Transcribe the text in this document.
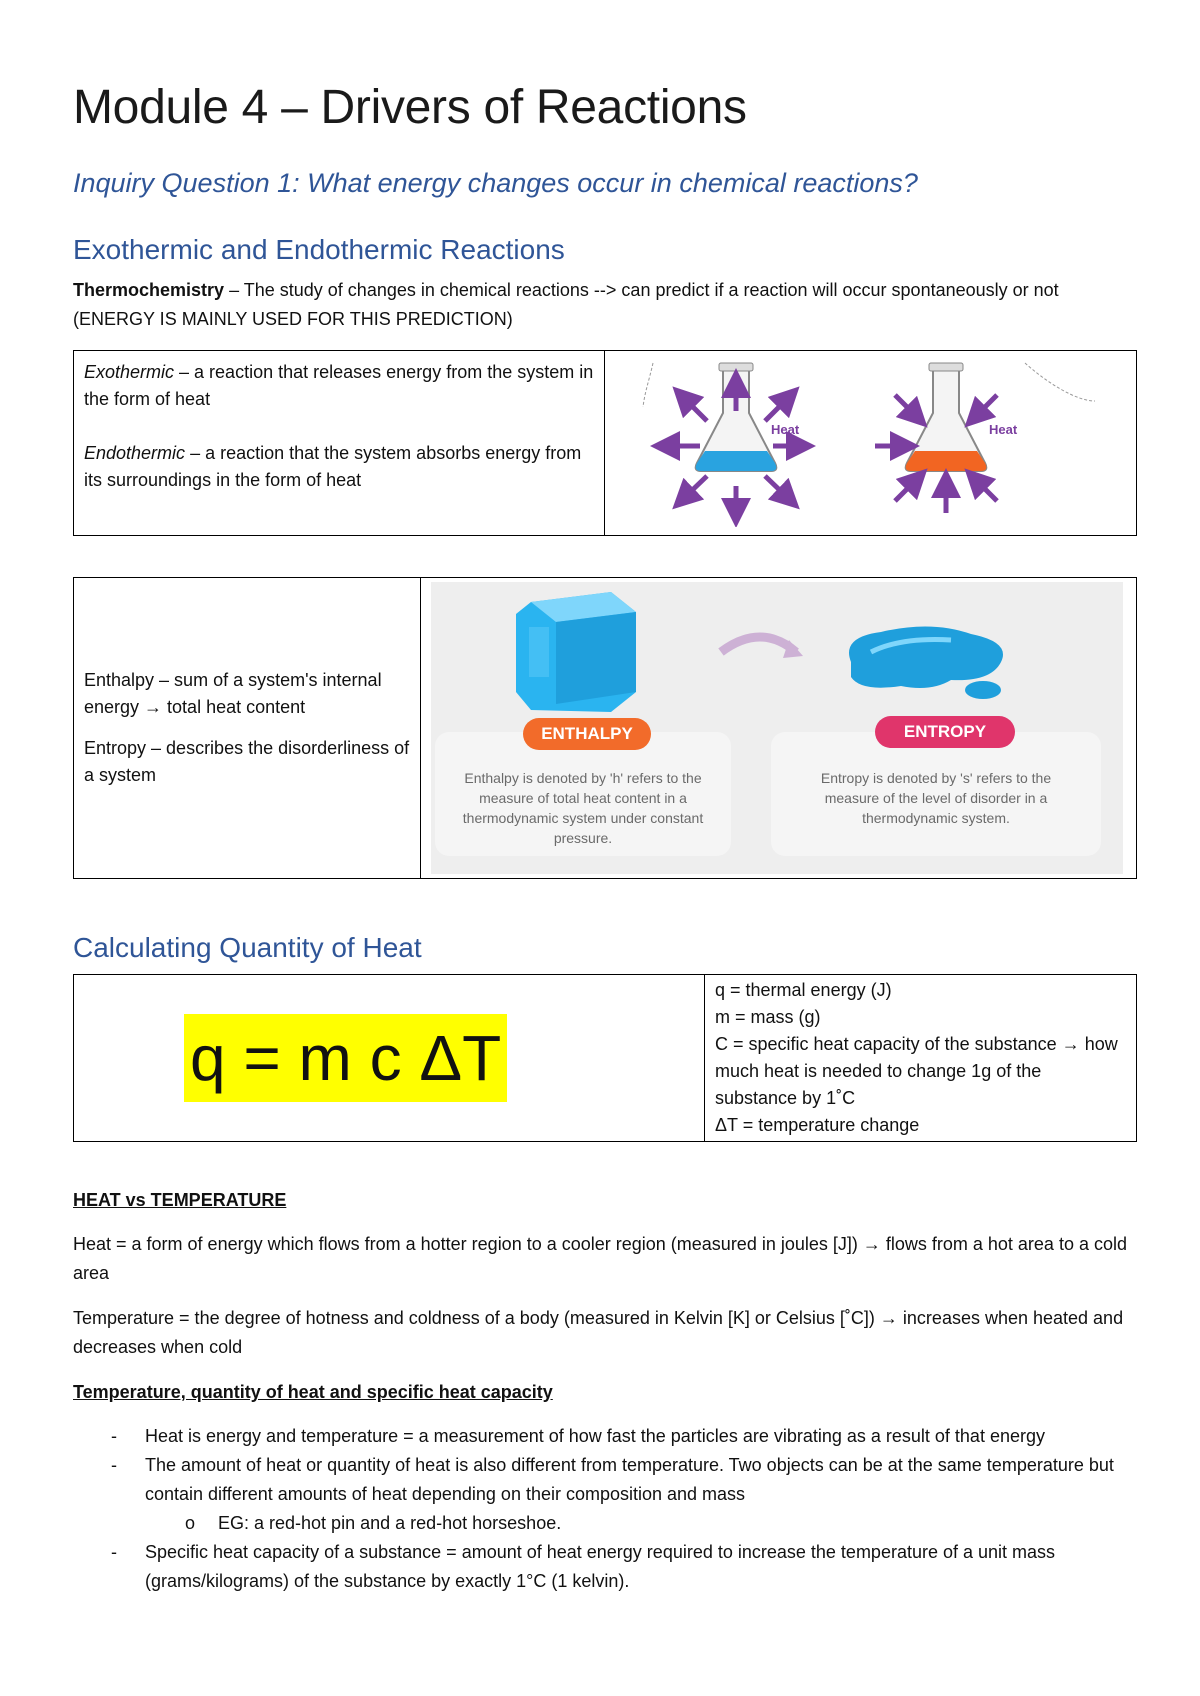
Module 4 – Drivers of Reactions
Inquiry Question 1: What energy changes occur in chemical reactions?
Exothermic and Endothermic Reactions
Thermochemistry – The study of changes in chemical reactions --> can predict if a reaction will occur spontaneously or not (ENERGY IS MAINLY USED FOR THIS PREDICTION)
Exothermic – a reaction that releases energy from the system in the form of heat
Endothermic – a reaction that the system absorbs energy from its surroundings in the form of heat

Heat	Heat
Enthalpy – sum of a system's internal energy → total heat content
Entropy – describes the disorderliness of a system	Enthalpy is denoted by 'h' refers to the measure of total heat content in a thermodynamic system under constant pressure.
ENTHALPY
Entropy is denoted by 's' refers to the measure of the level of disorder in a thermodynamic system.
ENTROPY
Calculating Quantity of Heat
q = m c ΔT	
q = thermal energy (J)
m = mass (g)
C = specific heat capacity of the substance → how much heat is needed to change 1g of the substance by 1˚C
ΔT = temperature change
HEAT vs TEMPERATURE
Heat = a form of energy which flows from a hotter region to a cooler region (measured in joules [J]) → flows from a hot area to a cold area
Temperature = the degree of hotness and coldness of a body (measured in Kelvin [K] or Celsius [˚C]) → increases when heated and decreases when cold
Temperature, quantity of heat and specific heat capacity
- Heat is energy and temperature = a measurement of how fast the particles are vibrating as a result of that energy
- The amount of heat or quantity of heat is also different from temperature. Two objects can be at the same temperature but contain different amounts of heat depending on their composition and mass
o EG: a red-hot pin and a red-hot horseshoe.
- Specific heat capacity of a substance = amount of heat energy required to increase the temperature of a unit mass (grams/kilograms) of the substance by exactly 1°C (1 kelvin).
